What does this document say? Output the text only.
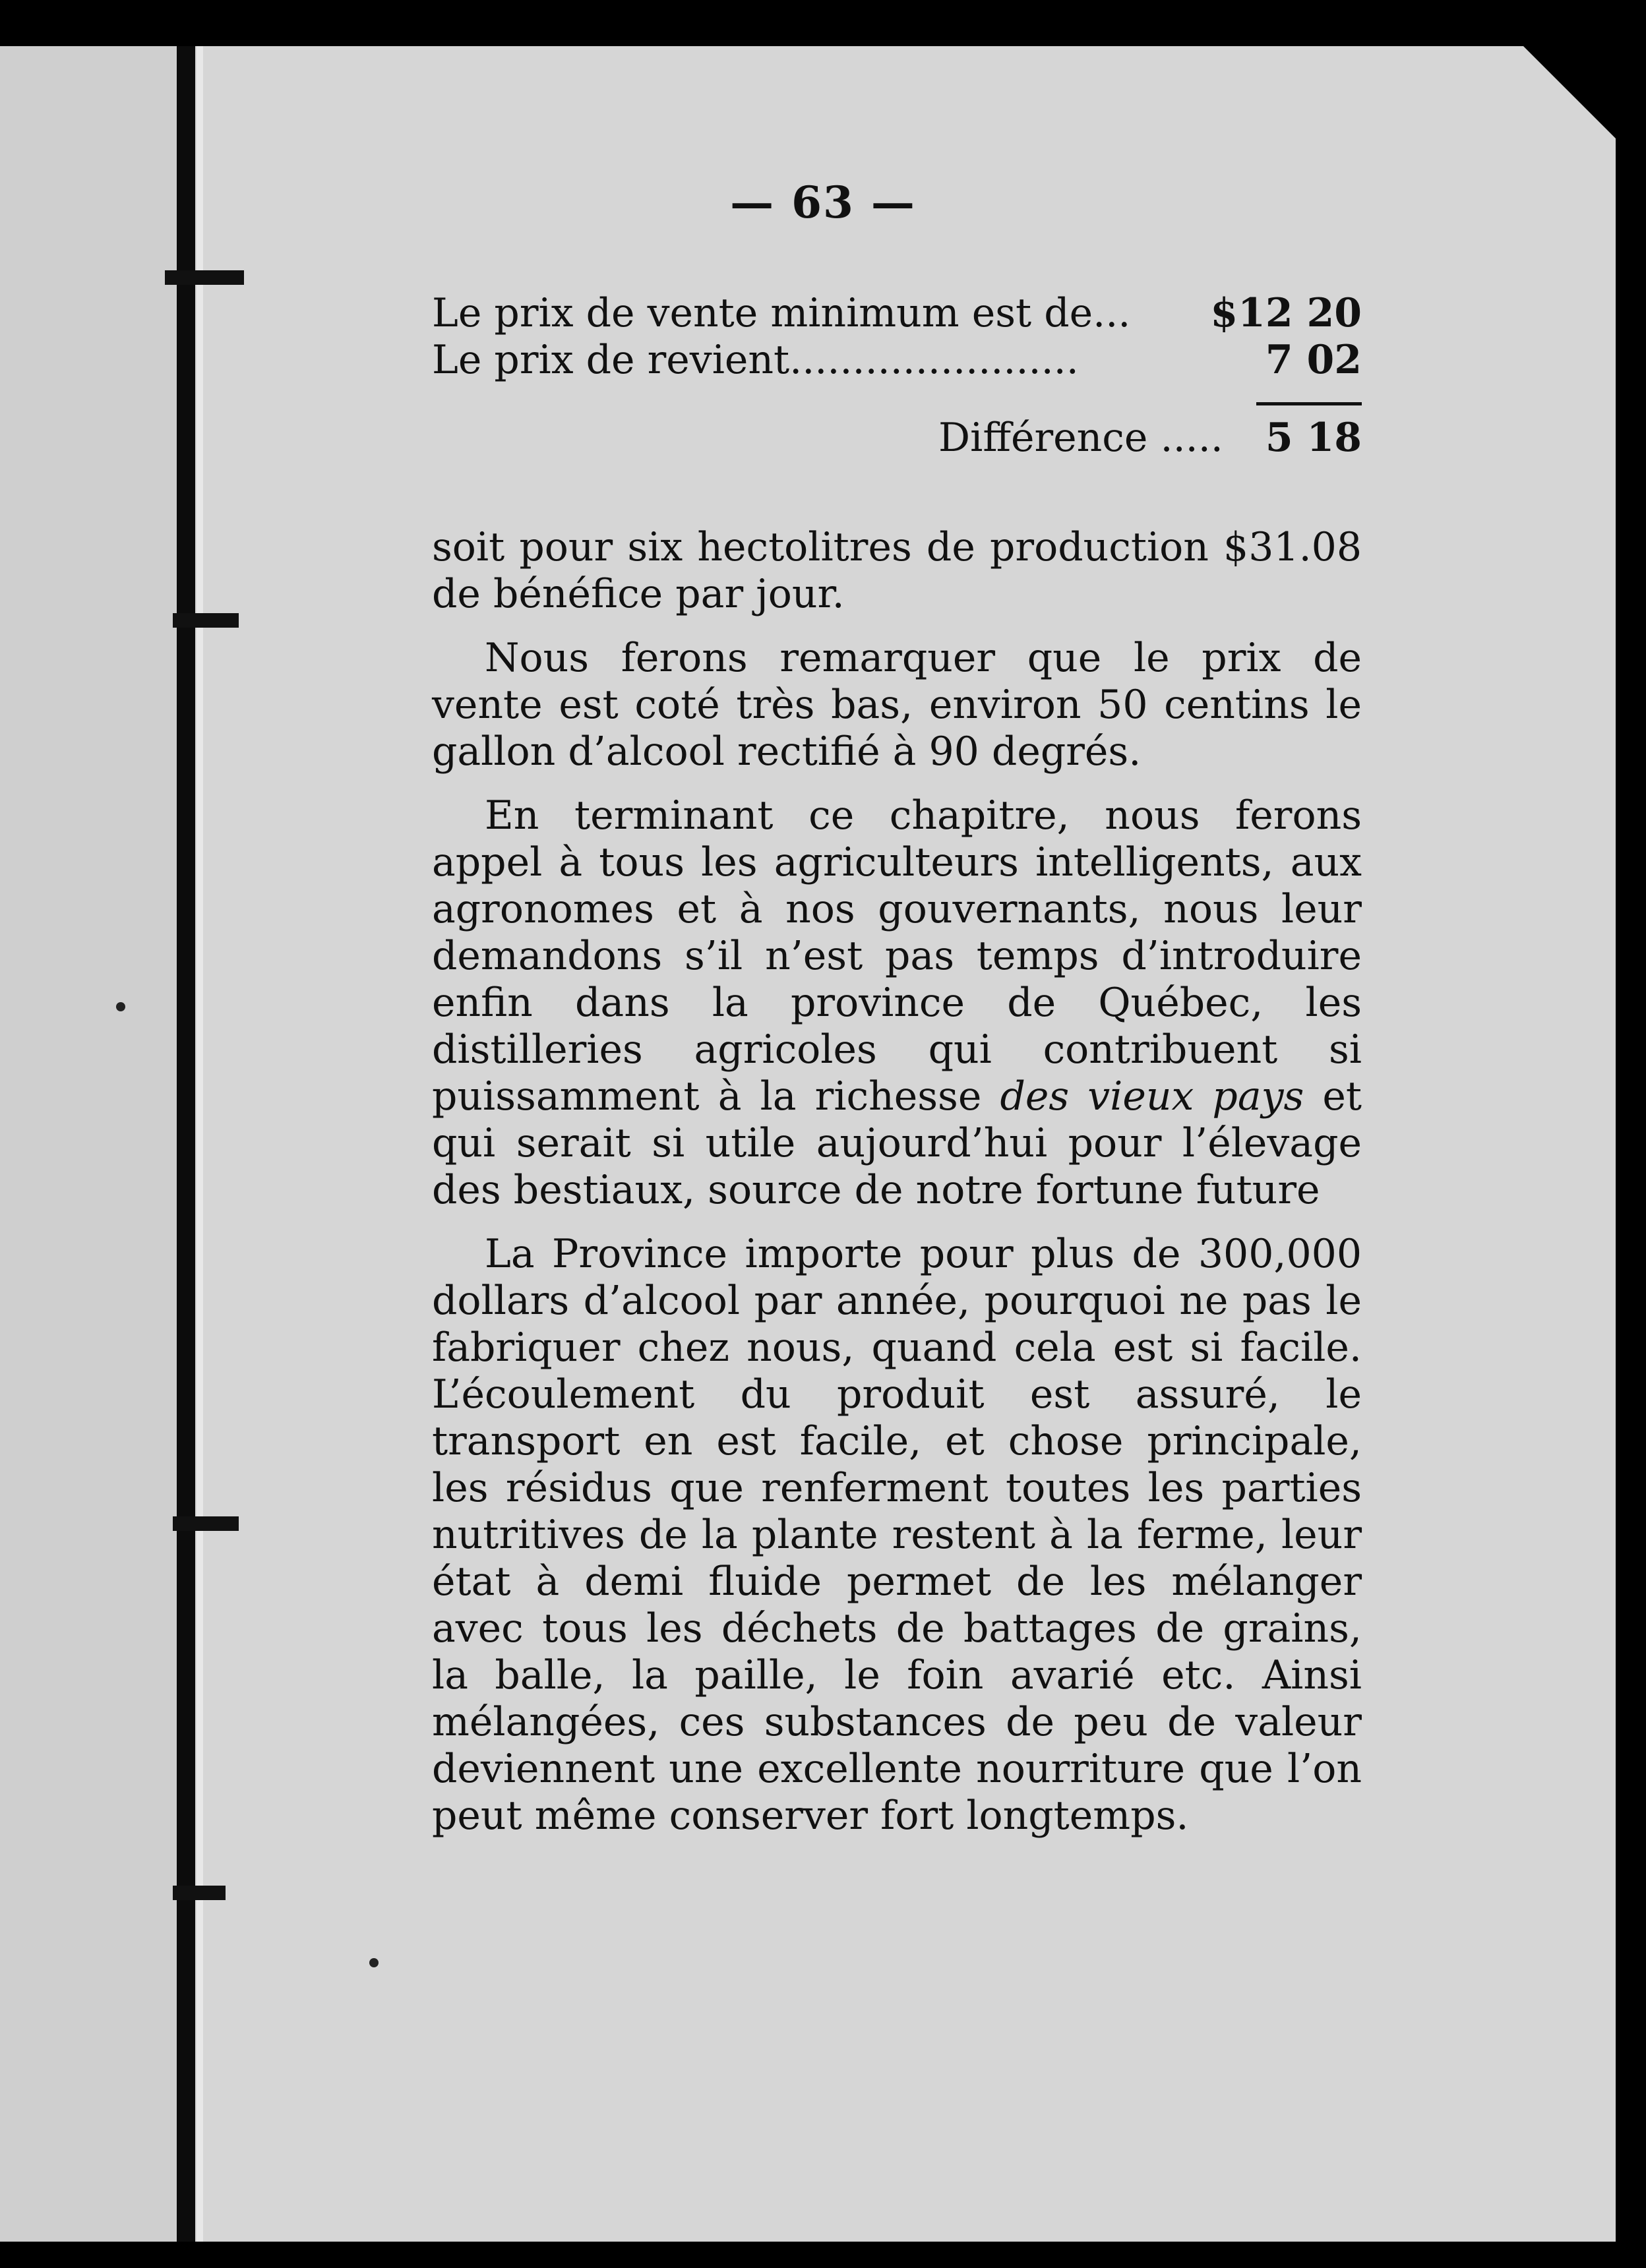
— 63 —
Le prix de vente minimum est de...	$12 20
Le prix de revient .......................	7 02
Différence .....	5 18

soit pour six hectolitres de production $31.08 de bénéfice par jour.

Nous ferons remarquer que le prix de vente est coté très bas, environ 50 centins le gallon d’alcool rectifié à 90 degrés.

En terminant ce chapitre, nous ferons appel à tous les agriculteurs intelligents, aux agronomes et à nos gouvernants, nous leur demandons s’il n’est pas temps d’introduire enfin dans la province de Québec, les distilleries agricoles qui contribuent si puissamment à la richesse des vieux pays et qui serait si utile aujourd’hui pour l’élevage des bestiaux, source de notre fortune future

La Province importe pour plus de 300,000 dollars d’alcool par année, pourquoi ne pas le fabriquer chez nous, quand cela est si facile. L’écoulement du produit est assuré, le transport en est facile, et chose principale, les résidus que renferment toutes les parties nutritives de la plante restent à la ferme, leur état à demi fluide permet de les mélanger avec tous les déchets de battages de grains, la balle, la paille, le foin avarié etc. Ainsi mélangées, ces substances de peu de valeur deviennent une excellente nourriture que l’on peut même conserver fort longtemps.
